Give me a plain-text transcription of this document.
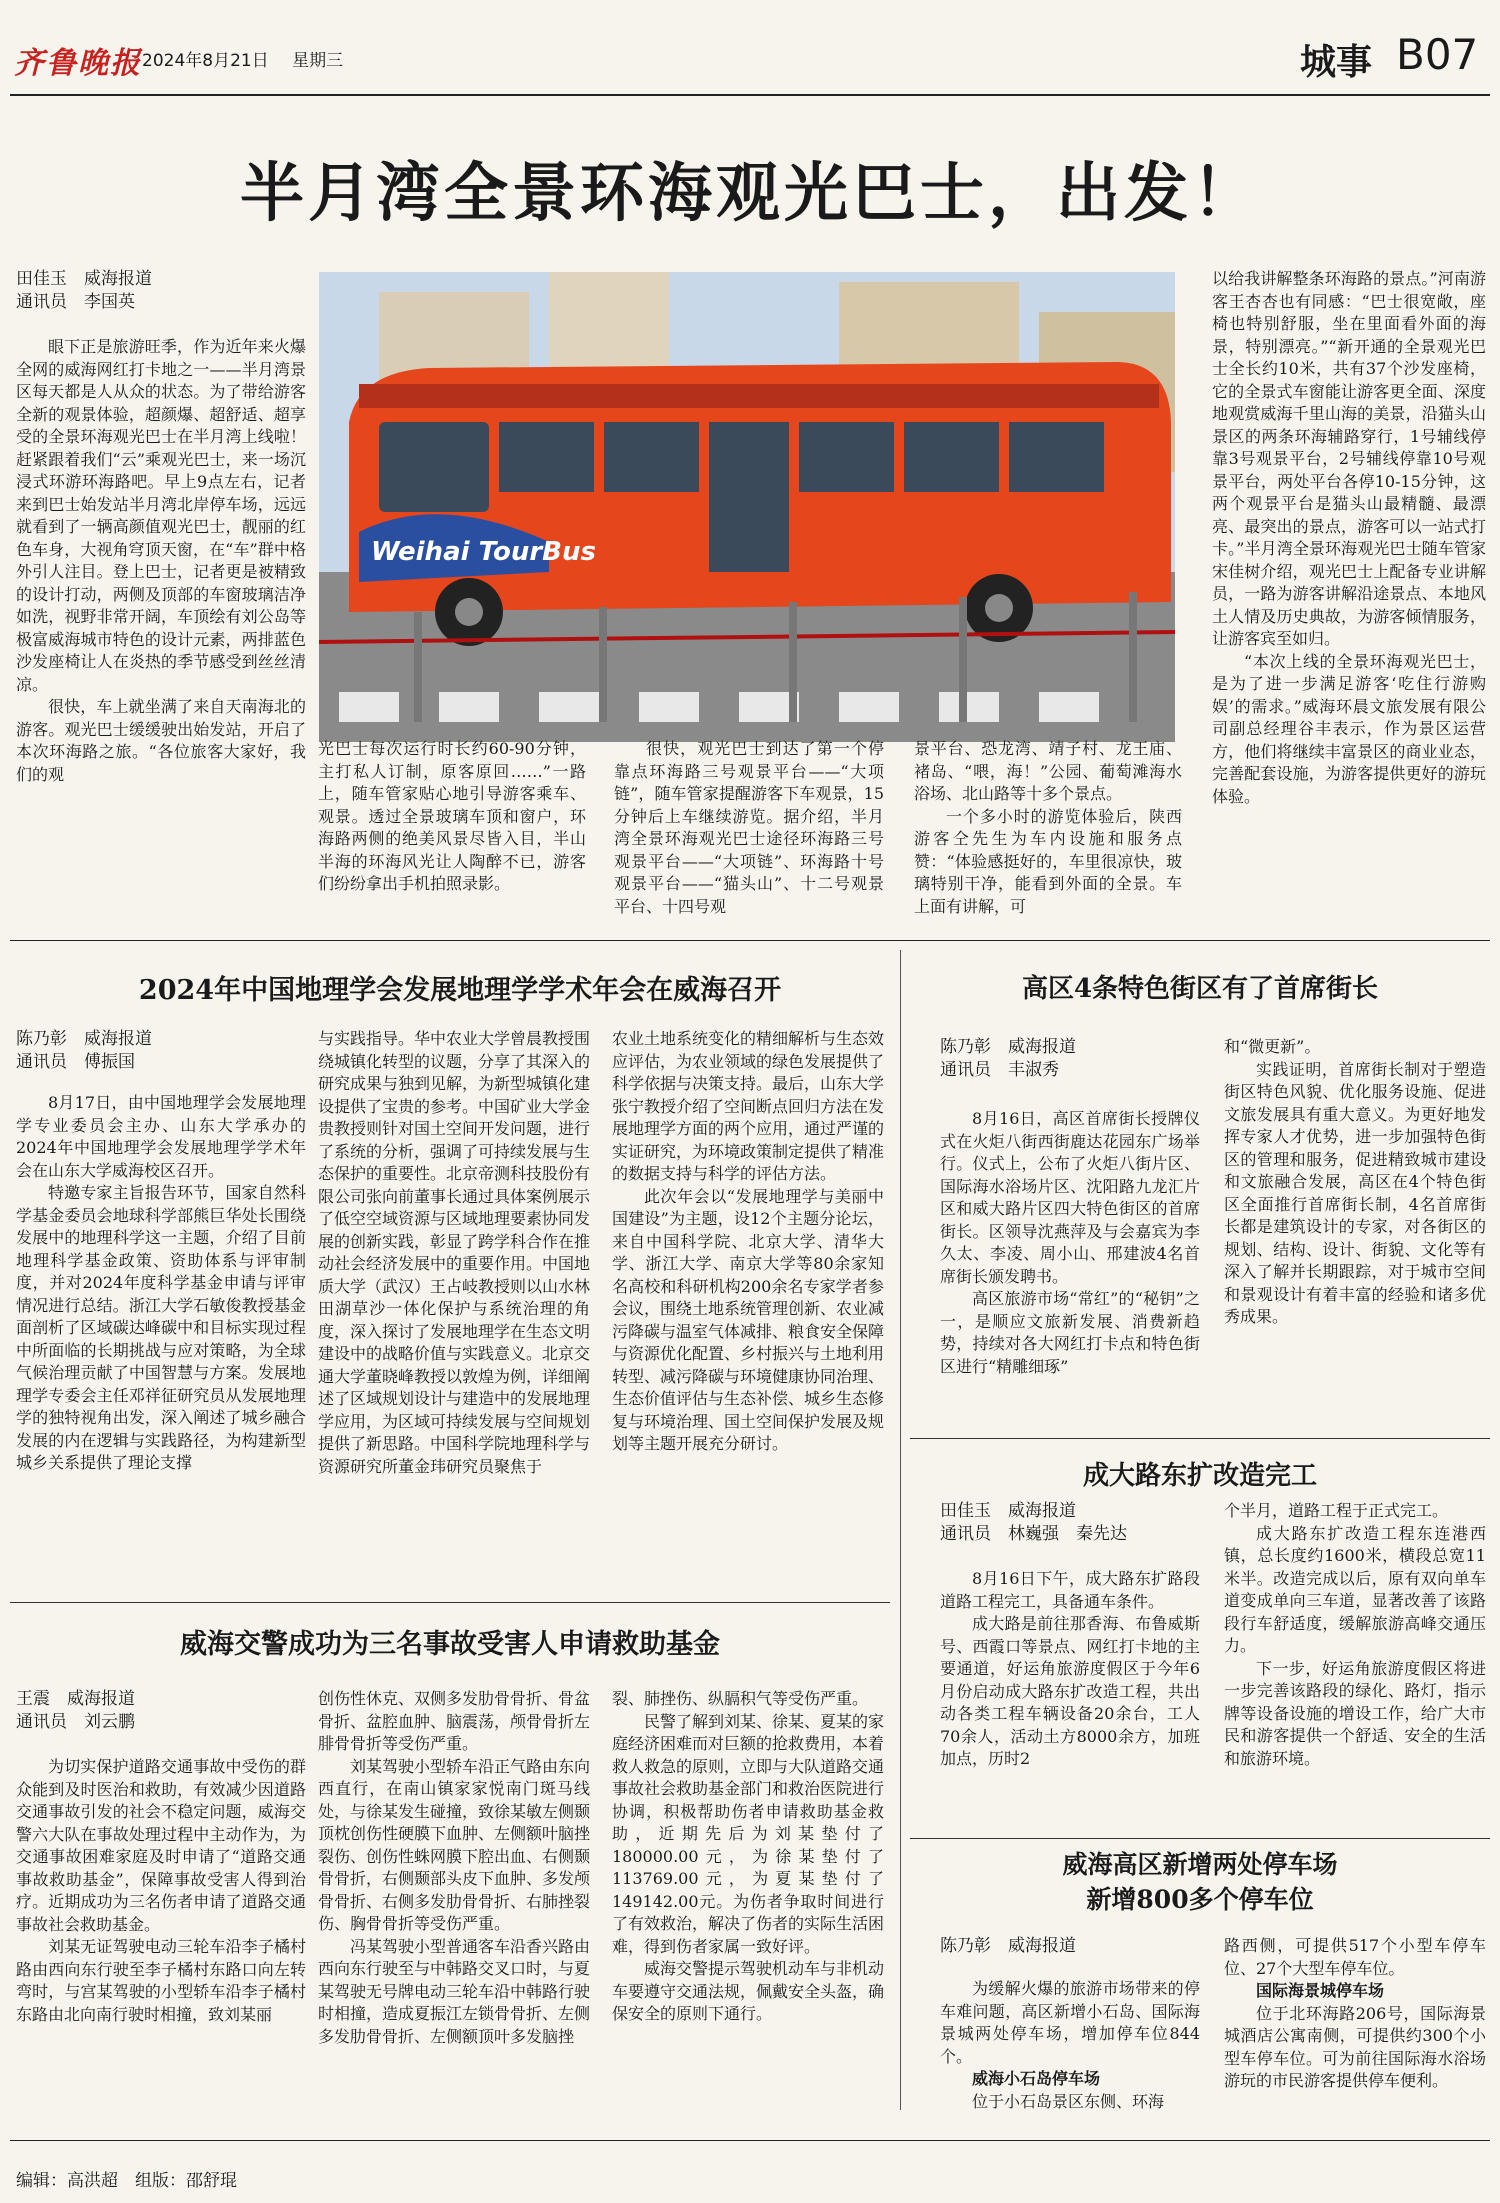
齐鲁晚报 2024年8月21日 星期三	城事 B07
半月湾全景环海观光巴士，出发！
田佳玉　威海报道
通讯员　李国英
Weihai TourBus

眼下正是旅游旺季，作为近年来火爆全网的威海网红打卡地之一——半月湾景区每天都是人从众的状态。为了带给游客全新的观景体验，超颜爆、超舒适、超享受的全景环海观光巴士在半月湾上线啦！赶紧跟着我们“云”乘观光巴士，来一场沉浸式环游环海路吧。早上9点左右，记者来到巴士始发站半月湾北岸停车场，远远就看到了一辆高颜值观光巴士，靓丽的红色车身，大视角穹顶天窗，在“车”群中格外引人注目。登上巴士，记者更是被精致的设计打动，两侧及顶部的车窗玻璃洁净如洗，视野非常开阔，车顶绘有刘公岛等极富威海城市特色的设计元素，两排蓝色沙发座椅让人在炎热的季节感受到丝丝清凉。

很快，车上就坐满了来自天南海北的游客。观光巴士缓缓驶出始发站，开启了本次环海路之旅。“各位旅客大家好，我们的观

光巴士每次运行时长约60-90分钟，主打私人订制，原客原回……”一路上，随车管家贴心地引导游客乘车、观景。透过全景玻璃车顶和窗户，环海路两侧的绝美风景尽皆入目，半山半海的环海风光让人陶醉不已，游客们纷纷拿出手机拍照录影。

很快，观光巴士到达了第一个停靠点环海路三号观景平台——“大项链”，随车管家提醒游客下车观景，15分钟后上车继续游览。据介绍，半月湾全景环海观光巴士途径环海路三号观景平台——“大项链”、环海路十号观景平台——“猫头山”、十二号观景平台、十四号观

景平台、恐龙湾、靖子村、龙王庙、褚岛、“喂，海！”公园、葡萄滩海水浴场、北山路等十多个景点。

一个多小时的游览体验后，陕西游客仝先生为车内设施和服务点赞：“体验感挺好的，车里很凉快，玻璃特别干净，能看到外面的全景。车上面有讲解，可

以给我讲解整条环海路的景点。”河南游客王杏杏也有同感：“巴士很宽敞，座椅也特别舒服，坐在里面看外面的海景，特别漂亮。”“新开通的全景观光巴士全长约10米，共有37个沙发座椅，它的全景式车窗能让游客更全面、深度地观赏威海千里山海的美景，沿猫头山景区的两条环海辅路穿行，1号辅线停靠3号观景平台，2号辅线停靠10号观景平台，两处平台各停10-15分钟，这两个观景平台是猫头山最精髓、最漂亮、最突出的景点，游客可以一站式打卡。”半月湾全景环海观光巴士随车管家宋佳树介绍，观光巴士上配备专业讲解员，一路为游客讲解沿途景点、本地风土人情及历史典故，为游客倾情服务，让游客宾至如归。

“本次上线的全景环海观光巴士，是为了进一步满足游客‘吃住行游购娱’的需求。”威海环晨文旅发展有限公司副总经理谷丰表示，作为景区运营方，他们将继续丰富景区的商业业态，完善配套设施，为游客提供更好的游玩体验。

2024年中国地理学会发展地理学学术年会在威海召开
陈乃彰　威海报道
通讯员　傅振国

8月17日，由中国地理学会发展地理学专业委员会主办、山东大学承办的2024年中国地理学会发展地理学学术年会在山东大学威海校区召开。

特邀专家主旨报告环节，国家自然科学基金委员会地球科学部熊巨华处长围绕发展中的地理科学这一主题，介绍了目前地理科学基金政策、资助体系与评审制度，并对2024年度科学基金申请与评审情况进行总结。浙江大学石敏俊教授基金面剖析了区域碳达峰碳中和目标实现过程中所面临的长期挑战与应对策略，为全球气候治理贡献了中国智慧与方案。发展地理学专委会主任邓祥征研究员从发展地理学的独特视角出发，深入阐述了城乡融合发展的内在逻辑与实践路径，为构建新型城乡关系提供了理论支撑

与实践指导。华中农业大学曾晨教授围绕城镇化转型的议题，分享了其深入的研究成果与独到见解，为新型城镇化建设提供了宝贵的参考。中国矿业大学金贵教授则针对国土空间开发问题，进行了系统的分析，强调了可持续发展与生态保护的重要性。北京帝测科技股份有限公司张向前董事长通过具体案例展示了低空空域资源与区域地理要素协同发展的创新实践，彰显了跨学科合作在推动社会经济发展中的重要作用。中国地质大学（武汉）王占岐教授则以山水林田湖草沙一体化保护与系统治理的角度，深入探讨了发展地理学在生态文明建设中的战略价值与实践意义。北京交通大学董晓峰教授以敦煌为例，详细阐述了区域规划设计与建造中的发展地理学应用，为区域可持续发展与空间规划提供了新思路。中国科学院地理科学与资源研究所董金玮研究员聚焦于

农业土地系统变化的精细解析与生态效应评估，为农业领域的绿色发展提供了科学依据与决策支持。最后，山东大学张宁教授介绍了空间断点回归方法在发展地理学方面的两个应用，通过严谨的实证研究，为环境政策制定提供了精准的数据支持与科学的评估方法。

此次年会以“发展地理学与美丽中国建设”为主题，设12个主题分论坛，来自中国科学院、北京大学、清华大学、浙江大学、南京大学等80余家知名高校和科研机构200余名专家学者参会议，围绕土地系统管理创新、农业减污降碳与温室气体减排、粮食安全保障与资源优化配置、乡村振兴与土地利用转型、减污降碳与环境健康协同治理、生态价值评估与生态补偿、城乡生态修复与环境治理、国土空间保护发展及规划等主题开展充分研讨。

高区4条特色街区有了首席街长
陈乃彰　威海报道
通讯员　丰淑秀

8月16日，高区首席街长授牌仪式在火炬八街西街鹿达花园东广场举行。仪式上，公布了火炬八街片区、国际海水浴场片区、沈阳路九龙汇片区和威大路片区四大特色街区的首席街长。区领导沈燕萍及与会嘉宾为李久太、李凌、周小山、邢建波4名首席街长颁发聘书。

高区旅游市场“常红”的“秘钥”之一，是顺应文旅新发展、消费新趋势，持续对各大网红打卡点和特色街区进行“精雕细琢”

和“微更新”。

实践证明，首席街长制对于塑造街区特色风貌、优化服务设施、促进文旅发展具有重大意义。为更好地发挥专家人才优势，进一步加强特色街区的管理和服务，促进精致城市建设和文旅融合发展，高区在4个特色街区全面推行首席街长制，4名首席街长都是建筑设计的专家，对各街区的规划、结构、设计、街貌、文化等有深入了解并长期跟踪，对于城市空间和景观设计有着丰富的经验和诸多优秀成果。

成大路东扩改造完工
田佳玉　威海报道
通讯员　林巍强　秦先达

8月16日下午，成大路东扩路段道路工程完工，具备通车条件。

成大路是前往那香海、布鲁威斯号、西霞口等景点、网红打卡地的主要通道，好运角旅游度假区于今年6月份启动成大路东扩改造工程，共出动各类工程车辆设备20余台，工人70余人，活动土方8000余方，加班加点，历时2

个半月，道路工程于正式完工。

成大路东扩改造工程东连港西镇，总长度约1600米，横段总宽11米半。改造完成以后，原有双向单车道变成单向三车道，显著改善了该路段行车舒适度，缓解旅游高峰交通压力。

下一步，好运角旅游度假区将进一步完善该路段的绿化、路灯，指示牌等设备设施的增设工作，给广大市民和游客提供一个舒适、安全的生活和旅游环境。

威海高区新增两处停车场
新增800多个停车位
陈乃彰　威海报道

为缓解火爆的旅游市场带来的停车难问题，高区新增小石岛、国际海景城两处停车场，增加停车位844个。

威海小石岛停车场

位于小石岛景区东侧、环海

路西侧，可提供517个小型车停车位、27个大型车停车位。

国际海景城停车场

位于北环海路206号，国际海景城酒店公寓南侧，可提供约300个小型车停车位。可为前往国际海水浴场游玩的市民游客提供停车便利。

威海交警成功为三名事故受害人申请救助基金
王震　威海报道
通讯员　刘云鹏

为切实保护道路交通事故中受伤的群众能到及时医治和救助，有效减少因道路交通事故引发的社会不稳定问题，威海交警六大队在事故处理过程中主动作为，为交通事故困难家庭及时申请了“道路交通事故救助基金”，保障事故受害人得到治疗。近期成功为三名伤者申请了道路交通事故社会救助基金。

刘某无证驾驶电动三轮车沿李子橘村路由西向东行驶至李子橘村东路口向左转弯时，与宫某驾驶的小型轿车沿李子橘村东路由北向南行驶时相撞，致刘某丽

创伤性休克、双侧多发肋骨骨折、骨盆骨折、盆腔血肿、脑震荡，颅骨骨折左腓骨骨折等受伤严重。

刘某驾驶小型轿车沿正气路由东向西直行，在南山镇家家悦南门斑马线处，与徐某发生碰撞，致徐某敏左侧颞顶枕创伤性硬膜下血肿、左侧额叶脑挫裂伤、创伤性蛛网膜下腔出血、右侧颞骨骨折，右侧颞部头皮下血肿、多发颅骨骨折、右侧多发肋骨骨折、右肺挫裂伤、胸骨骨折等受伤严重。

冯某驾驶小型普通客车沿香兴路由西向东行驶至与中韩路交叉口时，与夏某驾驶无号牌电动三轮车沿中韩路行驶时相撞，造成夏振江左锁骨骨折、左侧多发肋骨骨折、左侧额顶叶多发脑挫

裂、肺挫伤、纵膈积气等受伤严重。

民警了解到刘某、徐某、夏某的家庭经济困难而对巨额的抢救费用，本着救人救急的原则，立即与大队道路交通事故社会救助基金部门和救治医院进行协调，积极帮助伤者申请救助基金救助，近期先后为刘某垫付了180000.00元，为徐某垫付了113769.00元，为夏某垫付了149142.00元。为伤者争取时间进行了有效救治，解决了伤者的实际生活困难，得到伤者家属一致好评。

威海交警提示驾驶机动车与非机动车要遵守交通法规，佩戴安全头盔，确保安全的原则下通行。

编辑：高洪超　组版：邵舒琨
